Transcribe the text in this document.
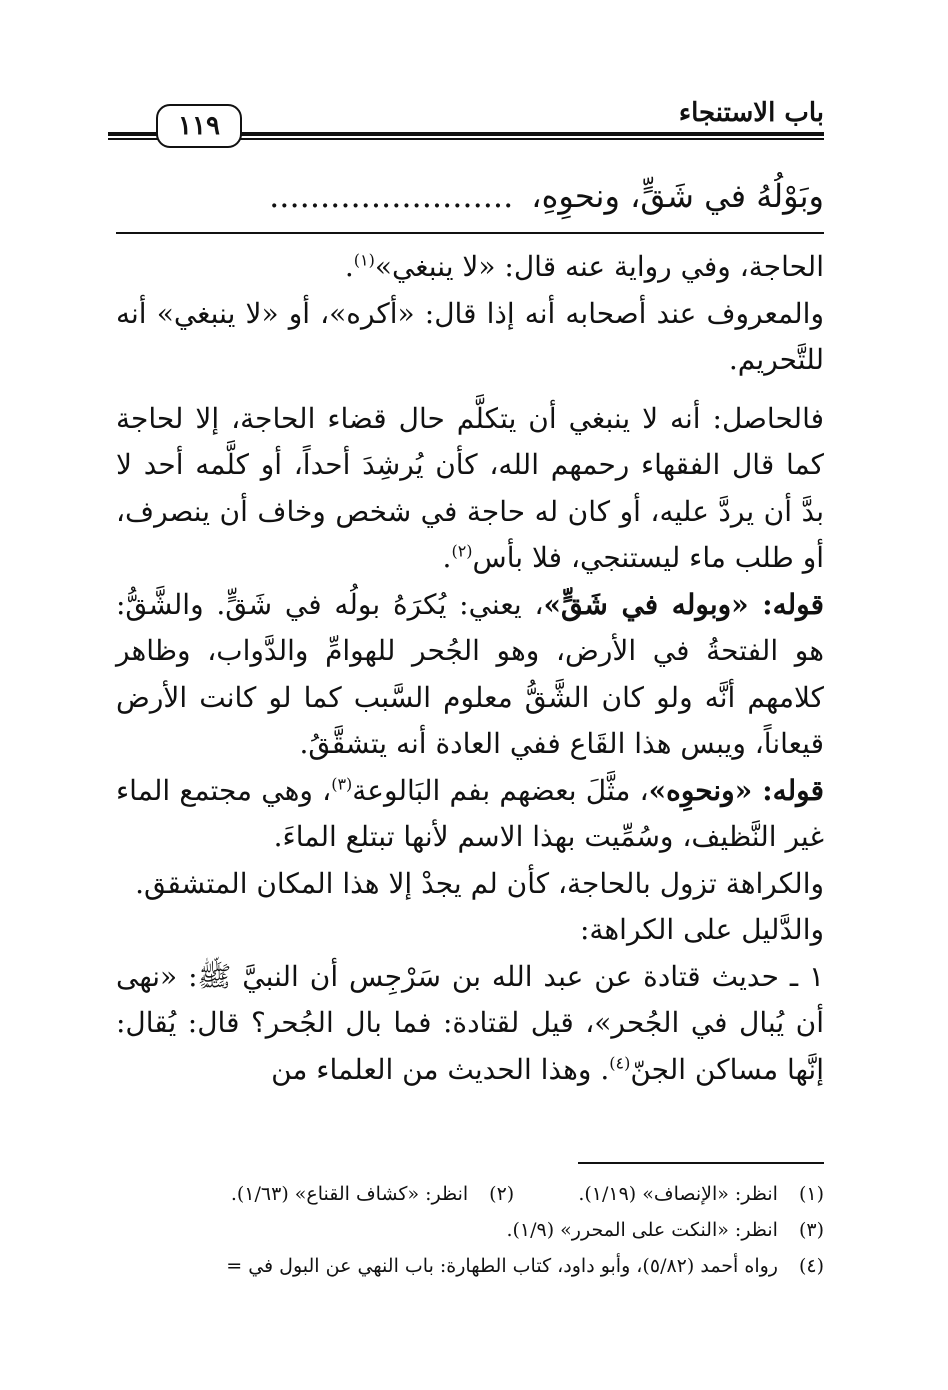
١١٩	باب الاستنجاء
وبَوْلُهُ في شَقٍّ، ونحوِهِ،........................

الحاجة، وفي رواية عنه قال: «لا ينبغي»$^{(١)}$.

والمعروف عند أصحابه أنه إذا قال: «أكره»، أو «لا ينبغي» أنه للتَّحريم.

فالحاصل: أنه لا ينبغي أن يتكلَّم حال قضاء الحاجة، إلا لحاجة كما قال الفقهاء رحمهم الله، كأن يُرشِدَ أحداً، أو كلَّمه أحد لا بدَّ أن يردَّ عليه، أو كان له حاجة في شخص وخاف أن ينصرف، أو طلب ماء ليستنجي، فلا بأس$^{(٢)}$.

قوله: «وبوله في شَقٍّ»، يعني: يُكرَهُ بولُه في شَقٍّ. والشَّقُّ: هو الفتحةُ في الأرض، وهو الجُحر للهوامِّ والدَّواب، وظاهر كلامهم أنَّه ولو كان الشَّقُّ معلوم السَّبب كما لو كانت الأرض قيعاناً، ويبس هذا القَاع ففي العادة أنه يتشقَّقُ.

قوله: «ونحوِه»، مثَّلَ بعضهم بفم البَالوعة$^{(٣)}$، وهي مجتمع الماء غير النَّظيف، وسُمِّيت بهذا الاسم لأنها تبتلع الماءَ.

والكراهة تزول بالحاجة، كأن لم يجدْ إلا هذا المكان المتشقق.

والدَّليل على الكراهة:

١ ـ حديث قتادة عن عبد الله بن سَرْجِس أن النبيَّ ﷺ: «نهى أن يُبال في الجُحر»، قيل لقتادة: فما بال الجُحر؟ قال: يُقال: إنَّها مساكن الجنّ$^{(٤)}$. وهذا الحديث من العلماء من

(١) انظر: «الإنصاف» (١/١٩).  (٢) انظر: «كشاف القناع» (١/٦٣).
(٣) انظر: «النكت على المحرر» (١/٩).
(٤) رواه أحمد (٥/٨٢)، وأبو داود، كتاب الطهارة: باب النهي عن البول في =
